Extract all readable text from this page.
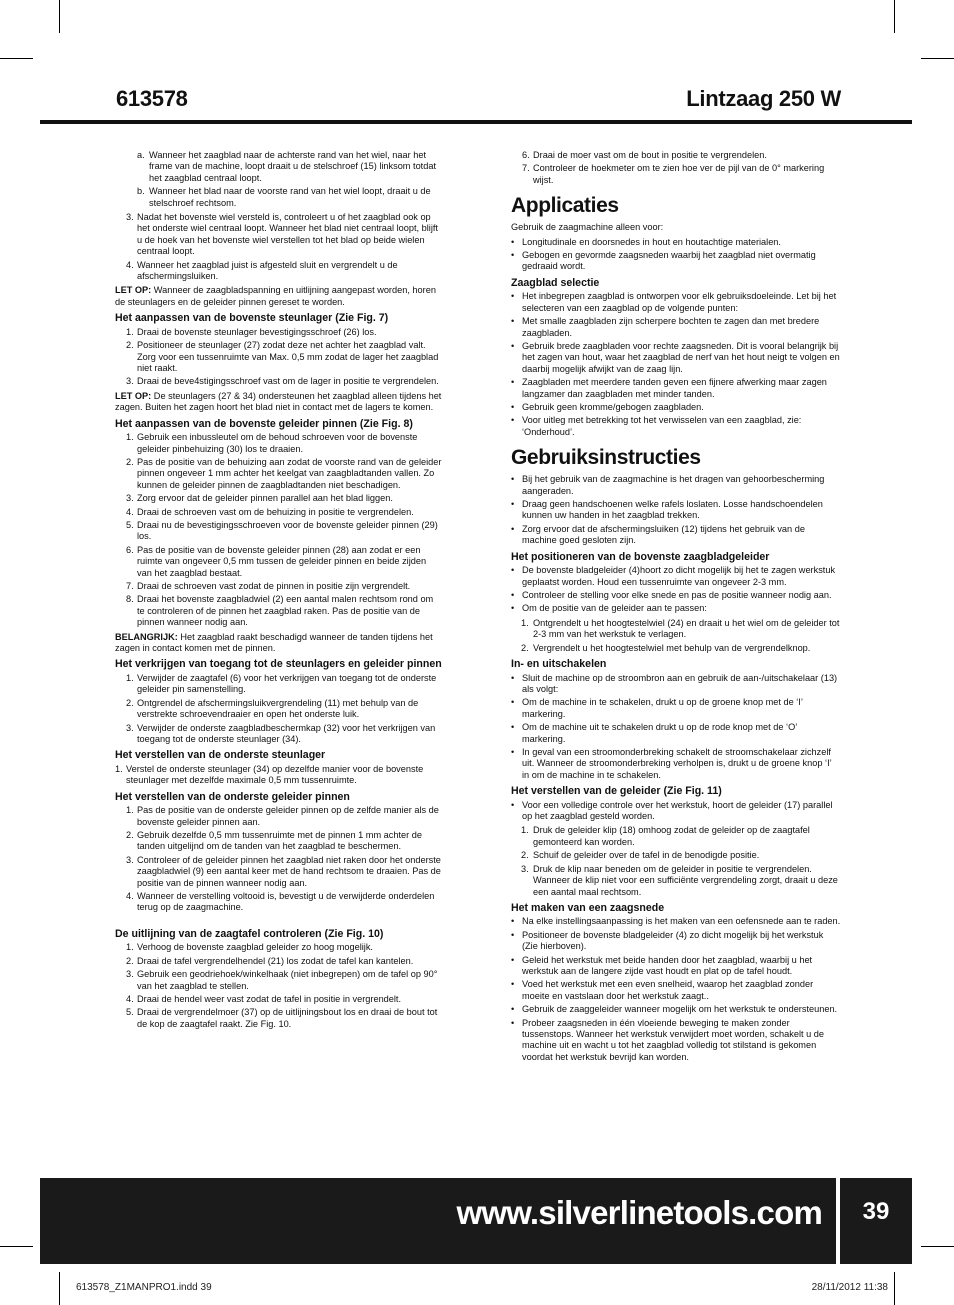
613578	Lintzaag 250 W
a. Wanneer het zaagblad naar de achterste rand van het wiel, naar het frame van de machine, loopt draait u de stelschroef (15) linksom totdat het zaagblad centraal loopt.
b. Wanneer het blad naar de voorste rand van het wiel loopt, draait u de stelschroef rechtsom.
3. Nadat het bovenste wiel versteld is, controleert u of het zaagblad ook op het onderste wiel centraal loopt. Wanneer het blad niet centraal loopt, blijft u de hoek van het bovenste wiel verstellen tot het blad op beide wielen centraal loopt.
4. Wanneer het zaagblad juist is afgesteld sluit en vergrendelt u de afschermingsluiken.

LET OP: Wanneer de zaagbladspanning en uitlijning aangepast worden, horen de steunlagers en de geleider pinnen gereset te worden.

Het aanpassen van de bovenste steunlager (Zie Fig. 7)
1. Draai de bovenste steunlager bevestigingsschroef (26) los.
2. Positioneer de steunlager (27) zodat deze net achter het zaagblad valt. Zorg voor een tussenruimte van Max. 0,5 mm zodat de lager het zaagblad niet raakt.
3. Draai de beve4stigingsschroef vast om de lager in positie te vergrendelen.

LET OP: De steunlagers (27 & 34) ondersteunen het zaagblad alleen tijdens het zagen. Buiten het zagen hoort het blad niet in contact met de lagers te komen.

Het aanpassen van de bovenste geleider pinnen (Zie Fig. 8)
1. Gebruik een inbussleutel om de behoud schroeven voor de bovenste geleider pinbehuizing (30) los te draaien.
2. Pas de positie van de behuizing aan zodat de voorste rand van de geleider pinnen ongeveer 1 mm achter het keelgat van zaagbladtanden vallen. Zo kunnen de geleider pinnen de zaagbladtanden niet beschadigen.
3. Zorg ervoor dat de geleider pinnen parallel aan het blad liggen.
4. Draai de schroeven vast om de behuizing in positie te vergrendelen.
5. Draai nu de bevestigingsschroeven voor de bovenste geleider pinnen (29) los.
6. Pas de positie van de bovenste geleider pinnen (28) aan zodat er een ruimte van ongeveer 0,5 mm tussen de geleider pinnen en beide zijden van het zaagblad bestaat.
7. Draai de schroeven vast zodat de pinnen in positie zijn vergrendelt.
8. Draai het bovenste zaagbladwiel (2) een aantal malen rechtsom rond om te controleren of de pinnen het zaagblad raken. Pas de positie van de pinnen wanneer nodig aan.

BELANGRIJK: Het zaagblad raakt beschadigd wanneer de tanden tijdens het zagen in contact komen met de pinnen.

Het verkrijgen van toegang tot de steunlagers en geleider pinnen
1. Verwijder de zaagtafel (6) voor het verkrijgen van toegang tot de onderste geleider pin samenstelling.
2. Ontgrendel de afschermingsluikvergrendeling (11) met behulp van de verstrekte schroevendraaier en open het onderste luik.
3. Verwijder de onderste zaagbladbeschermkap (32) voor het verkrijgen van toegang tot de onderste steunlager (34).
Het verstellen van de onderste steunlager
1. Verstel de onderste steunlager (34) op dezelfde manier voor de bovenste steunlager met dezelfde maximale 0,5 mm tussenruimte.
Het verstellen van de onderste geleider pinnen
1. Pas de positie van de onderste geleider pinnen op de zelfde manier als de bovenste geleider pinnen aan.
2. Gebruik dezelfde 0,5 mm tussenruimte met de pinnen 1 mm achter de tanden uitgelijnd om de tanden van het zaagblad te beschermen.
3. Controleer of de geleider pinnen het zaagblad niet raken door het onderste zaagbladwiel (9) een aantal keer met de hand rechtsom te draaien. Pas de positie van de pinnen wanneer nodig aan.
4. Wanneer de verstelling voltooid is, bevestigt u de verwijderde onderdelen terug op de zaagmachine.
De uitlijning van de zaagtafel controleren (Zie Fig. 10)
1. Verhoog de bovenste zaagblad geleider zo hoog mogelijk.
2. Draai de tafel vergrendelhendel (21) los zodat de tafel kan kantelen.
3. Gebruik een geodriehoek/winkelhaak (niet inbegrepen) om de tafel op 90° van het zaagblad te stellen.
4. Draai de hendel weer vast zodat de tafel in positie in vergrendelt.
5. Draai de vergrendelmoer (37) op de uitlijningsbout los en draai de bout tot de kop de zaagtafel raakt. Zie Fig. 10.
6. Draai de moer vast om de bout in positie te vergrendelen.
7. Controleer de hoekmeter om te zien hoe ver de pijl van de 0° markering wijst.
Applicaties

Gebruik de zaagmachine alleen voor:

• Longitudinale en doorsnedes in hout en houtachtige materialen.
• Gebogen en gevormde zaagsneden waarbij het zaagblad niet overmatig gedraaid wordt.
Zaagblad selectie
• Het inbegrepen zaagblad is ontworpen voor elk gebruiksdoeleinde. Let bij het selecteren van een zaagblad op de volgende punten:
• Met smalle zaagbladen zijn scherpere bochten te zagen dan met bredere zaagbladen.
• Gebruik brede zaagbladen voor rechte zaagsneden. Dit is vooral belangrijk bij het zagen van hout, waar het zaagblad de nerf van het hout neigt te volgen en daarbij mogelijk afwijkt van de zaag lijn.
• Zaagbladen met meerdere tanden geven een fijnere afwerking maar zagen langzamer dan zaagbladen met minder tanden.
• Gebruik geen kromme/gebogen zaagbladen.
• Voor uitleg met betrekking tot het verwisselen van een zaagblad, zie: ‘Onderhoud’.
Gebruiksinstructies
• Bij het gebruik van de zaagmachine is het dragen van gehoorbescherming aangeraden.
• Draag geen handschoenen welke rafels loslaten. Losse handschoendelen kunnen uw handen in het zaagblad trekken.
• Zorg ervoor dat de afschermingsluiken (12) tijdens het gebruik van de machine goed gesloten zijn.
Het positioneren van de bovenste zaagbladgeleider
• De bovenste bladgeleider (4)hoort zo dicht mogelijk bij het te zagen werkstuk geplaatst worden. Houd een tussenruimte van ongeveer 2-3 mm.
• Controleer de stelling voor elke snede en pas de positie wanneer nodig aan.
• Om de positie van de geleider aan te passen:
1. Ontgrendelt u het hoogtestelwiel (24) en draait u het wiel om de geleider tot 2-3 mm van het werkstuk te verlagen.
2. Vergrendelt u het hoogtestelwiel met behulp van de vergrendelknop.
In- en uitschakelen
• Sluit de machine op de stroombron aan en gebruik de aan-/uitschakelaar (13) als volgt:
• Om de machine in te schakelen, drukt u op de groene knop met de ‘I’ markering.
• Om de machine uit te schakelen drukt u op de rode knop met de ‘O’ markering.
• In geval van een stroomonderbreking schakelt de stroomschakelaar zichzelf uit. Wanneer de stroomonderbreking verholpen is, drukt u de groene knop ‘I’ in om de machine in te schakelen.
Het verstellen van de geleider (Zie Fig. 11)
• Voor een volledige controle over het werkstuk, hoort de geleider (17) parallel op het zaagblad gesteld worden.
1. Druk de geleider klip (18) omhoog zodat de geleider op de zaagtafel gemonteerd kan worden.
2. Schuif de geleider over de tafel in de benodigde positie.
3. Druk de klip naar beneden om de geleider in positie te vergrendelen. Wanneer de klip niet voor een sufficiënte vergrendeling zorgt, draait u deze een aantal maal rechtsom.
Het maken van een zaagsnede
• Na elke instellingsaanpassing is het maken van een oefensnede aan te raden.
• Positioneer de bovenste bladgeleider (4) zo dicht mogelijk bij het werkstuk (Zie hierboven).
• Geleid het werkstuk met beide handen door het zaagblad, waarbij u het werkstuk aan de langere zijde vast houdt en plat op de tafel houdt.
• Voed het werkstuk met een even snelheid, waarop het zaagblad zonder moeite en vastslaan door het werkstuk zaagt..
• Gebruik de zaaggeleider wanneer mogelijk om het werkstuk te ondersteunen.
• Probeer zaagsneden in één vloeiende beweging te maken zonder tussenstops. Wanneer het werkstuk verwijdert moet worden, schakelt u de machine uit en wacht u tot het zaagblad volledig tot stilstand is gekomen voordat het werkstuk bevrijd kan worden.
www.silverlinetools.com	39
613578_Z1MANPRO1.indd 39	28/11/2012 11:38
